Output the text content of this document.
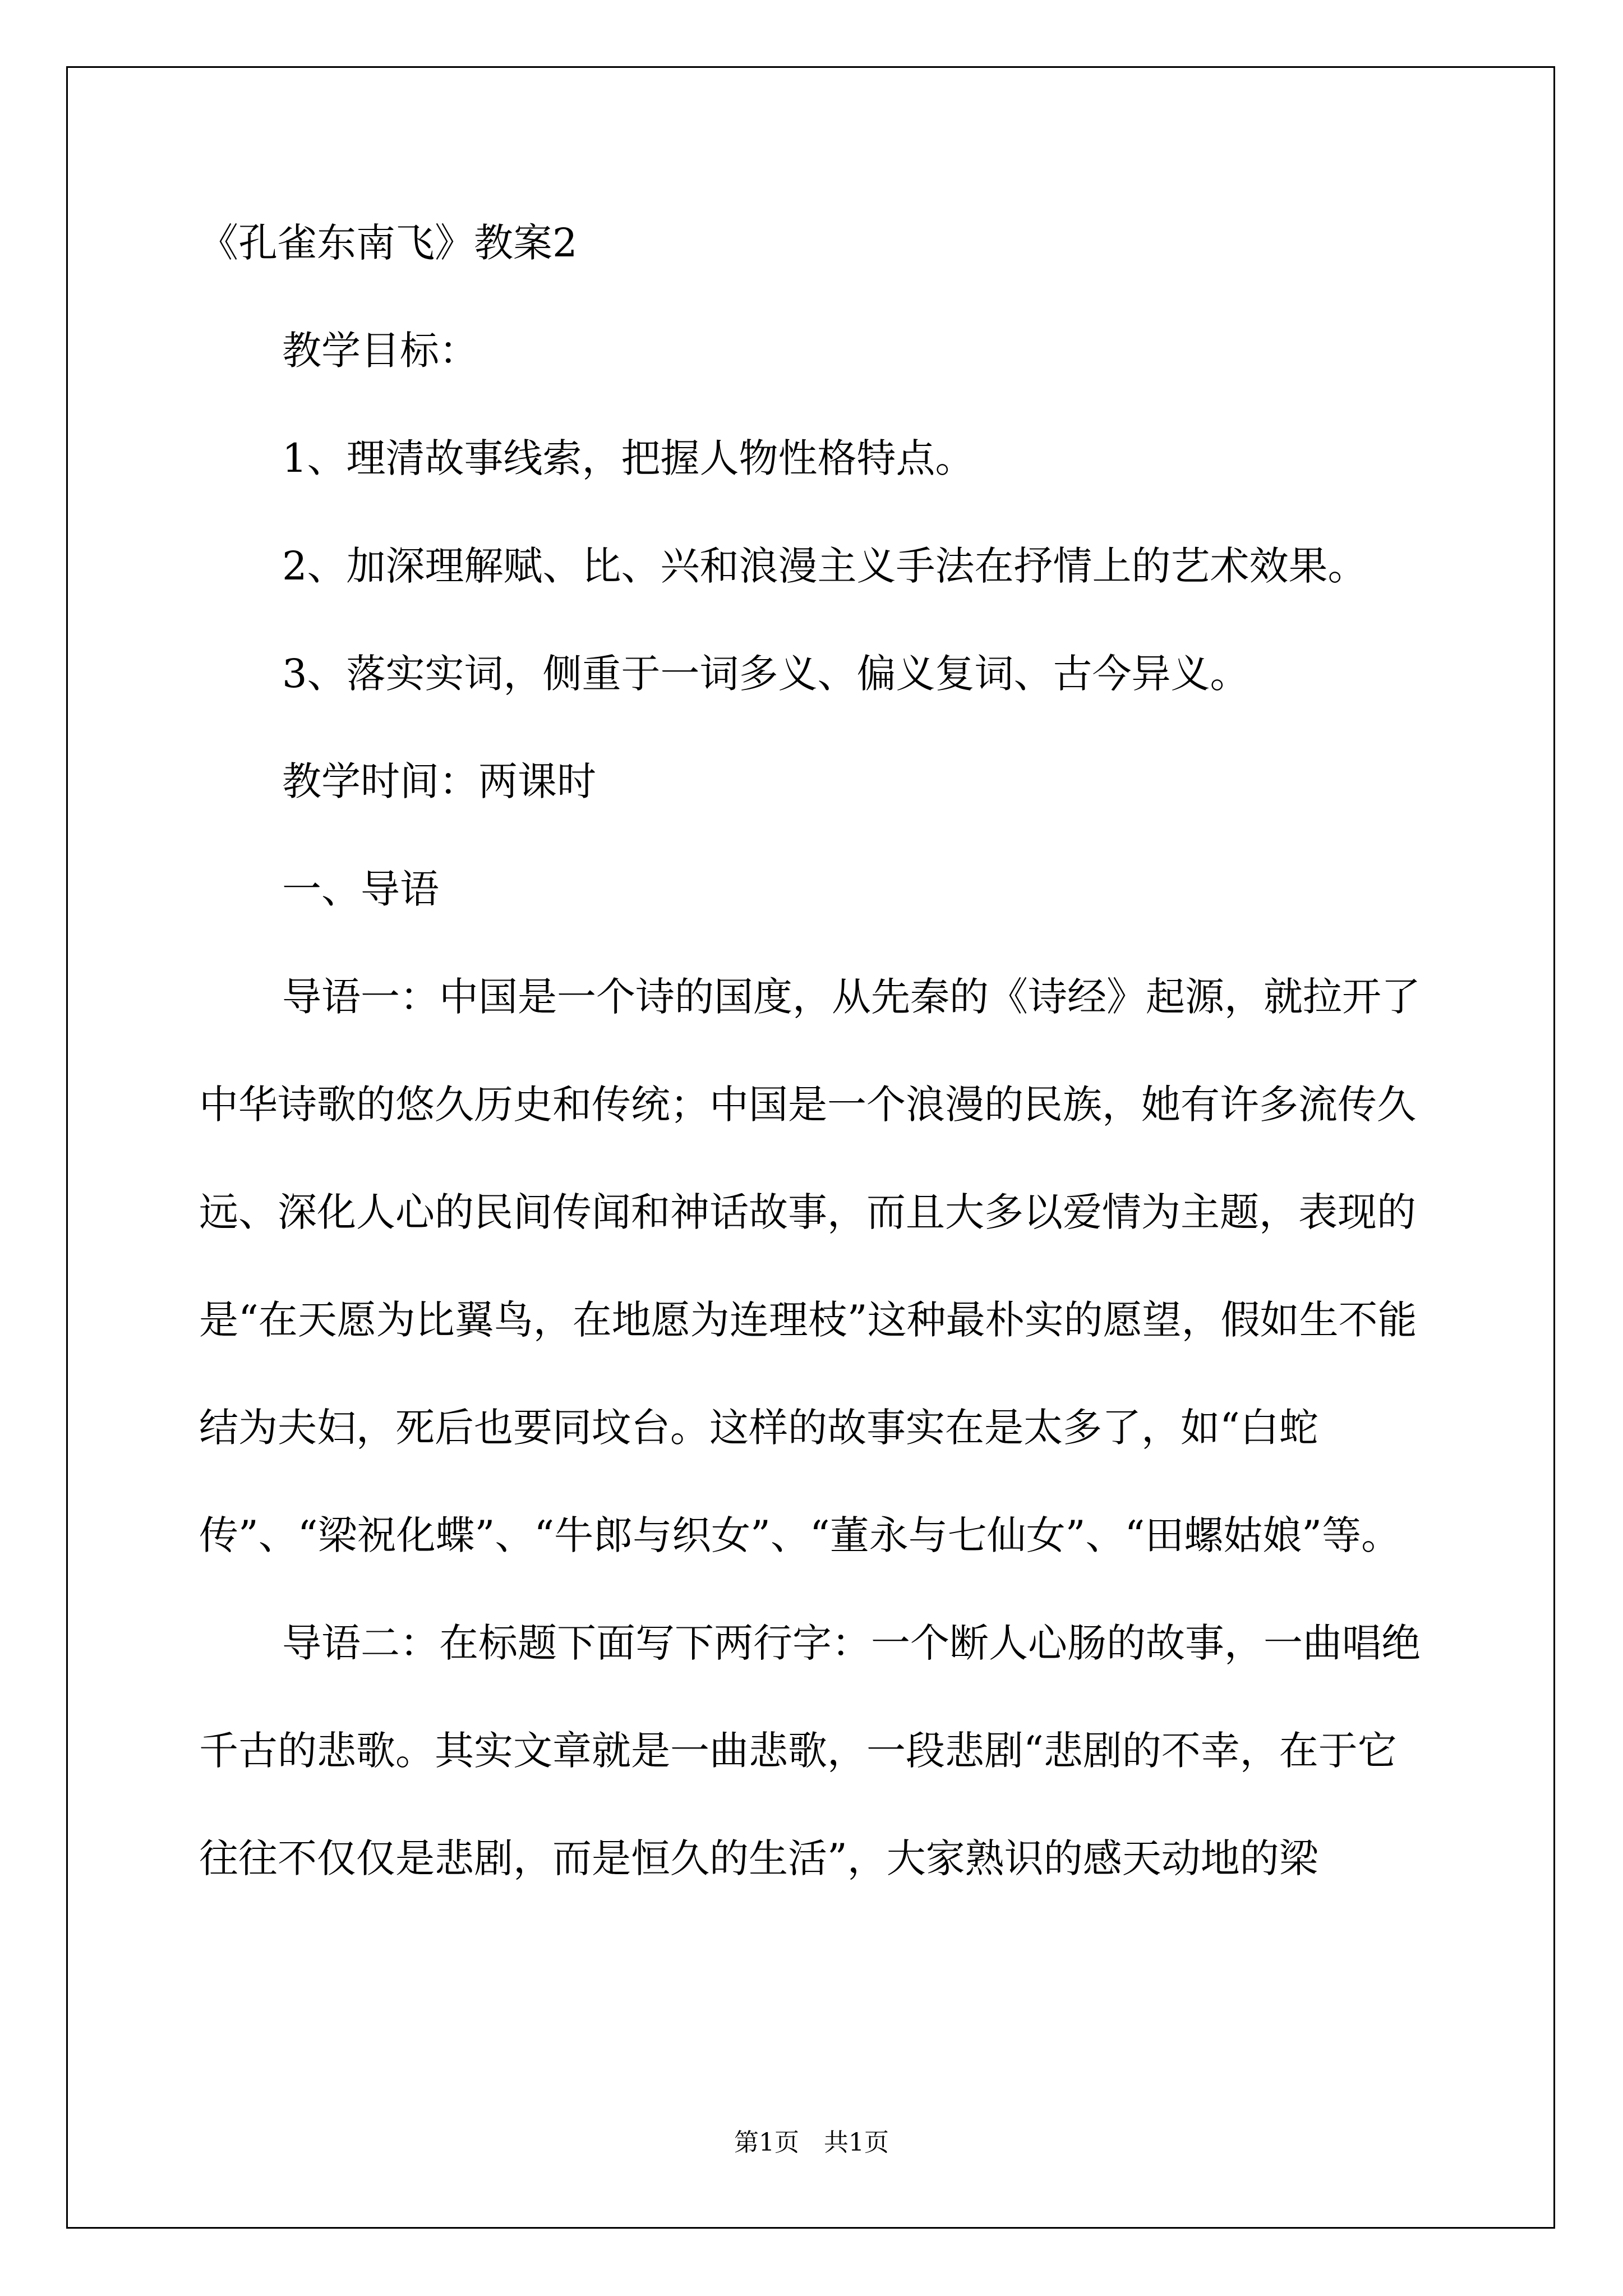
《孔雀东南飞》教案2

教学目标：

1、理清故事线索，把握人物性格特点。

2、加深理解赋、比、兴和浪漫主义手法在抒情上的艺术效果。

3、落实实词，侧重于一词多义、偏义复词、古今异义。

教学时间：两课时

一、导语

导语一：中国是一个诗的国度，从先秦的《诗经》起源，就拉开了中华诗歌的悠久历史和传统；中国是一个浪漫的民族，她有许多流传久远、深化人心的民间传闻和神话故事，而且大多以爱情为主题，表现的是“在天愿为比翼鸟，在地愿为连理枝”这种最朴实的愿望，假如生不能结为夫妇，死后也要同坟台。这样的故事实在是太多了，如“白蛇传”、“梁祝化蝶”、“牛郎与织女”、“董永与七仙女”、“田螺姑娘”等。

导语二：在标题下面写下两行字：一个断人心肠的故事，一曲唱绝千古的悲歌。其实文章就是一曲悲歌，一段悲剧“悲剧的不幸，在于它往往不仅仅是悲剧，而是恒久的生活”，大家熟识的感天动地的梁

第1页　共1页
